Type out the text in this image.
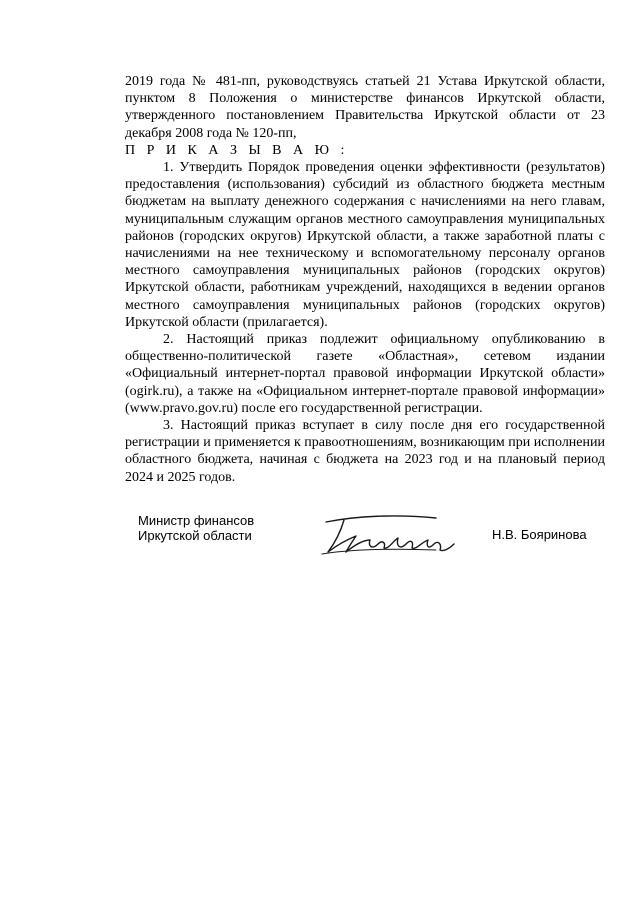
2019 года № 481-пп, руководствуясь статьей 21 Устава Иркутской области, пунктом 8 Положения о министерстве финансов Иркутской области, утвержденного постановлением Правительства Иркутской области от 23 декабря 2008 года № 120-пп,

П Р И К А З Ы В А Ю :

1. Утвердить Порядок проведения оценки эффективности (результатов) предоставления (использования) субсидий из областного бюджета местным бюджетам на выплату денежного содержания с начислениями на него главам, муниципальным служащим органов местного самоуправления муниципальных районов (городских округов) Иркутской области, а также заработной платы с начислениями на нее техническому и вспомогательному персоналу органов местного самоуправления муниципальных районов (городских округов) Иркутской области, работникам учреждений, находящихся в ведении органов местного самоуправления муниципальных районов (городских округов) Иркутской области (прилагается).

2. Настоящий приказ подлежит официальному опубликованию в общественно-политической газете «Областная», сетевом издании «Официальный интернет-портал правовой информации Иркутской области» (ogirk.ru), а также на «Официальном интернет-портале правовой информации» (www.pravo.gov.ru) после его государственной регистрации.

3. Настоящий приказ вступает в силу после дня его государственной регистрации и применяется к правоотношениям, возникающим при исполнении областного бюджета, начиная с бюджета на 2023 год и на плановый период 2024 и 2025 годов.

Министр финансов
Иркутской области	Н.В. Бояринова
